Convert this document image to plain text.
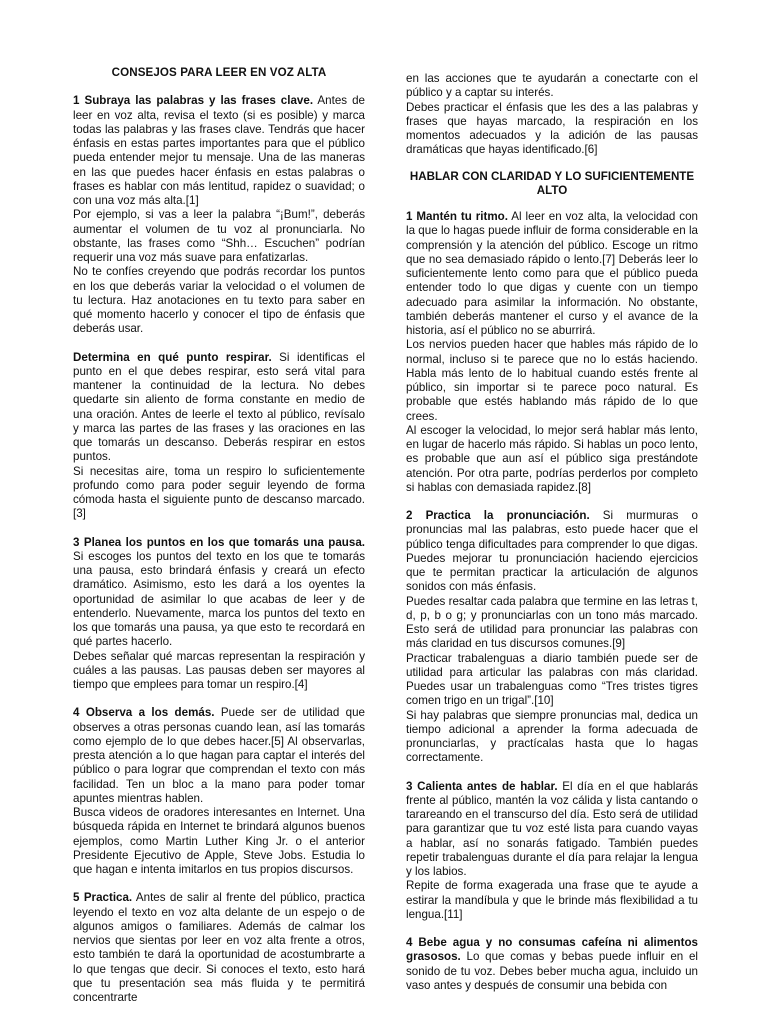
CONSEJOS PARA LEER EN VOZ ALTA

1 Subraya las palabras y las frases clave. Antes de leer en voz alta, revisa el texto (si es posible) y marca todas las palabras y las frases clave. Tendrás que hacer énfasis en estas partes importantes para que el público pueda entender mejor tu mensaje. Una de las maneras en las que puedes hacer énfasis en estas palabras o frases es hablar con más lentitud, rapidez o suavidad; o con una voz más alta.[1]

Por ejemplo, si vas a leer la palabra “¡Bum!”, deberás aumentar el volumen de tu voz al pronunciarla. No obstante, las frases como “Shh… Escuchen” podrían requerir una voz más suave para enfatizarlas.

No te confíes creyendo que podrás recordar los puntos en los que deberás variar la velocidad o el volumen de tu lectura. Haz anotaciones en tu texto para saber en qué momento hacerlo y conocer el tipo de énfasis que deberás usar.

Determina en qué punto respirar. Si identificas el punto en el que debes respirar, esto será vital para mantener la continuidad de la lectura. No debes quedarte sin aliento de forma constante en medio de una oración. Antes de leerle el texto al público, revísalo y marca las partes de las frases y las oraciones en las que tomarás un descanso. Deberás respirar en estos puntos.

Si necesitas aire, toma un respiro lo suficientemente profundo como para poder seguir leyendo de forma cómoda hasta el siguiente punto de descanso marcado.[3]

3 Planea los puntos en los que tomarás una pausa. Si escoges los puntos del texto en los que te tomarás una pausa, esto brindará énfasis y creará un efecto dramático. Asimismo, esto les dará a los oyentes la oportunidad de asimilar lo que acabas de leer y de entenderlo. Nuevamente, marca los puntos del texto en los que tomarás una pausa, ya que esto te recordará en qué partes hacerlo.

Debes señalar qué marcas representan la respiración y cuáles a las pausas. Las pausas deben ser mayores al tiempo que emplees para tomar un respiro.[4]

4 Observa a los demás. Puede ser de utilidad que observes a otras personas cuando lean, así las tomarás como ejemplo de lo que debes hacer.[5] Al observarlas, presta atención a lo que hagan para captar el interés del público o para lograr que comprendan el texto con más facilidad. Ten un bloc a la mano para poder tomar apuntes mientras hablen.

Busca videos de oradores interesantes en Internet. Una búsqueda rápida en Internet te brindará algunos buenos ejemplos, como Martin Luther King Jr. o el anterior Presidente Ejecutivo de Apple, Steve Jobs. Estudia lo que hagan e intenta imitarlos en tus propios discursos.

5 Practica. Antes de salir al frente del público, practica leyendo el texto en voz alta delante de un espejo o de algunos amigos o familiares. Además de calmar los nervios que sientas por leer en voz alta frente a otros, esto también te dará la oportunidad de acostumbrarte a lo que tengas que decir. Si conoces el texto, esto hará que tu presentación sea más fluida y te permitirá concentrarte

en las acciones que te ayudarán a conectarte con el público y a captar su interés.

Debes practicar el énfasis que les des a las palabras y frases que hayas marcado, la respiración en los momentos adecuados y la adición de las pausas dramáticas que hayas identificado.[6]

HABLAR CON CLARIDAD Y LO SUFICIENTEMENTE ALTO

1 Mantén tu ritmo. Al leer en voz alta, la velocidad con la que lo hagas puede influir de forma considerable en la comprensión y la atención del público. Escoge un ritmo que no sea demasiado rápido o lento.[7] Deberás leer lo suficientemente lento como para que el público pueda entender todo lo que digas y cuente con un tiempo adecuado para asimilar la información. No obstante, también deberás mantener el curso y el avance de la historia, así el público no se aburrirá.

Los nervios pueden hacer que hables más rápido de lo normal, incluso si te parece que no lo estás haciendo. Habla más lento de lo habitual cuando estés frente al público, sin importar si te parece poco natural. Es probable que estés hablando más rápido de lo que crees.

Al escoger la velocidad, lo mejor será hablar más lento, en lugar de hacerlo más rápido. Si hablas un poco lento, es probable que aun así el público siga prestándote atención. Por otra parte, podrías perderlos por completo si hablas con demasiada rapidez.[8]

2 Practica la pronunciación. Si murmuras o pronuncias mal las palabras, esto puede hacer que el público tenga dificultades para comprender lo que digas. Puedes mejorar tu pronunciación haciendo ejercicios que te permitan practicar la articulación de algunos sonidos con más énfasis.

Puedes resaltar cada palabra que termine en las letras t, d, p, b o g; y pronunciarlas con un tono más marcado. Esto será de utilidad para pronunciar las palabras con más claridad en tus discursos comunes.[9]

Practicar trabalenguas a diario también puede ser de utilidad para articular las palabras con más claridad. Puedes usar un trabalenguas como “Tres tristes tigres comen trigo en un trigal”.[10]

Si hay palabras que siempre pronuncias mal, dedica un tiempo adicional a aprender la forma adecuada de pronunciarlas, y practícalas hasta que lo hagas correctamente.

3 Calienta antes de hablar. El día en el que hablarás frente al público, mantén la voz cálida y lista cantando o tarareando en el transcurso del día. Esto será de utilidad para garantizar que tu voz esté lista para cuando vayas a hablar, así no sonarás fatigado. También puedes repetir trabalenguas durante el día para relajar la lengua y los labios.

Repite de forma exagerada una frase que te ayude a estirar la mandíbula y que le brinde más flexibilidad a tu lengua.[11]

4 Bebe agua y no consumas cafeína ni alimentos grasosos. Lo que comas y bebas puede influir en el sonido de tu voz. Debes beber mucha agua, incluido un vaso antes y después de consumir una bebida con
